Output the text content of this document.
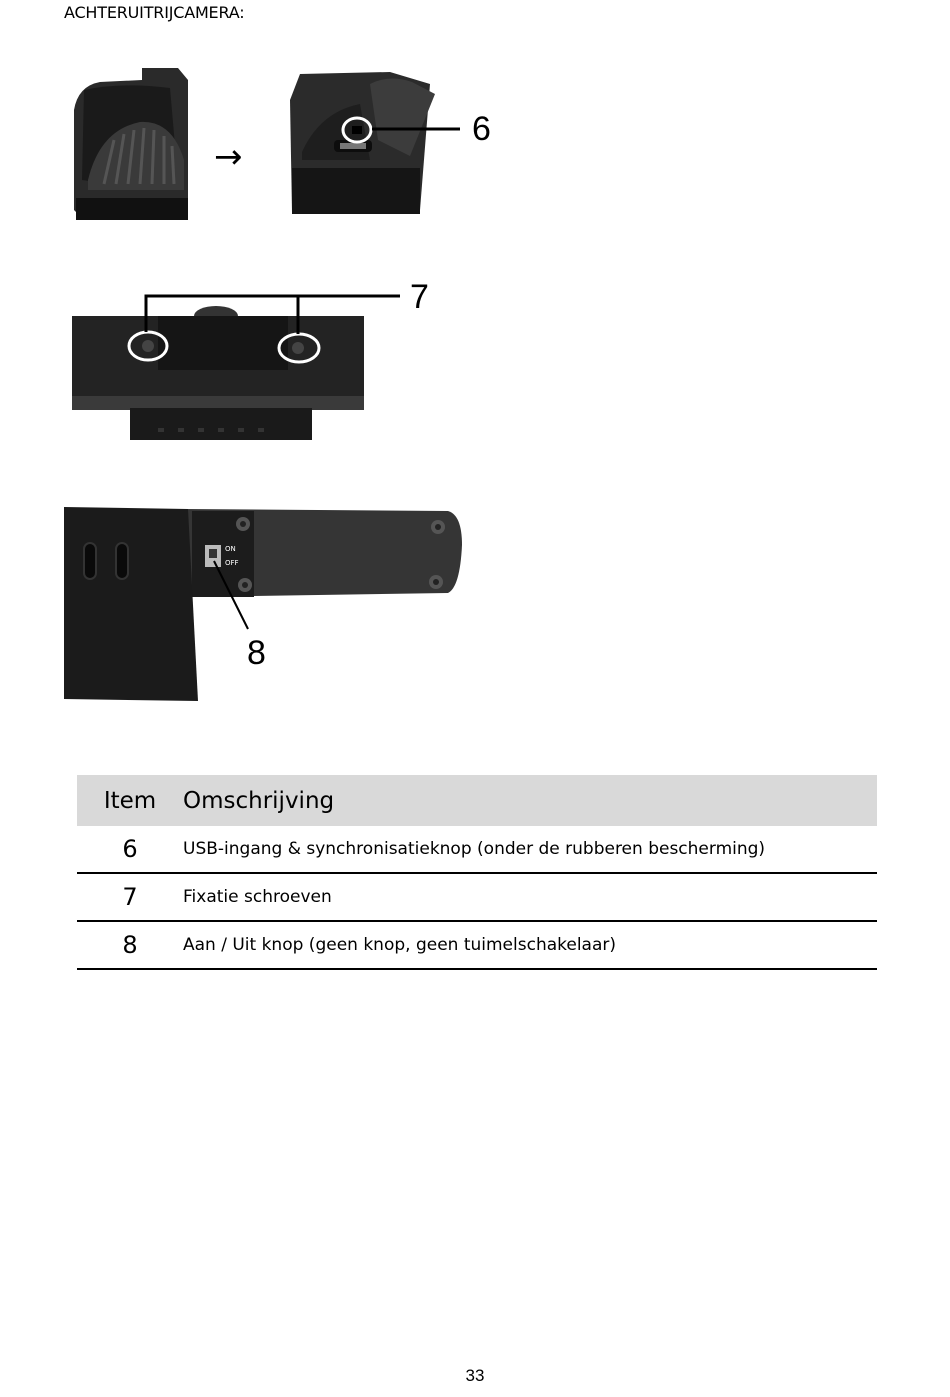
ACHTERUITRIJCAMERA:
→
6
7
ON
OFF
8
Item	Omschrijving
6	USB-ingang & synchronisatieknop (onder de rubberen bescherming)
7	Fixatie schroeven
8	Aan / Uit knop (geen knop, geen tuimelschakelaar)
33
